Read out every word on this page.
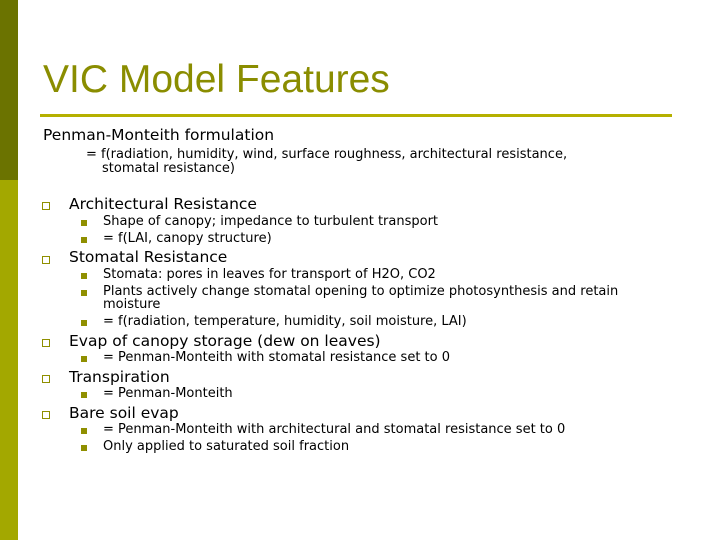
VIC Model Features
Penman-Monteith formulation
= f(radiation, humidity, wind, surface roughness, architectural resistance,
stomatal resistance)
Architectural Resistance
Shape of canopy; impedance to turbulent transport
= f(LAI, canopy structure)
Stomatal Resistance
Stomata: pores in leaves for transport of H2O, CO2
Plants actively change stomatal opening to optimize photosynthesis and retain
moisture
= f(radiation, temperature, humidity, soil moisture, LAI)
Evap of canopy storage (dew on leaves)
= Penman-Monteith with stomatal resistance set to 0
Transpiration
= Penman-Monteith
Bare soil evap
= Penman-Monteith with architectural and stomatal resistance set to 0
Only applied to saturated soil fraction
